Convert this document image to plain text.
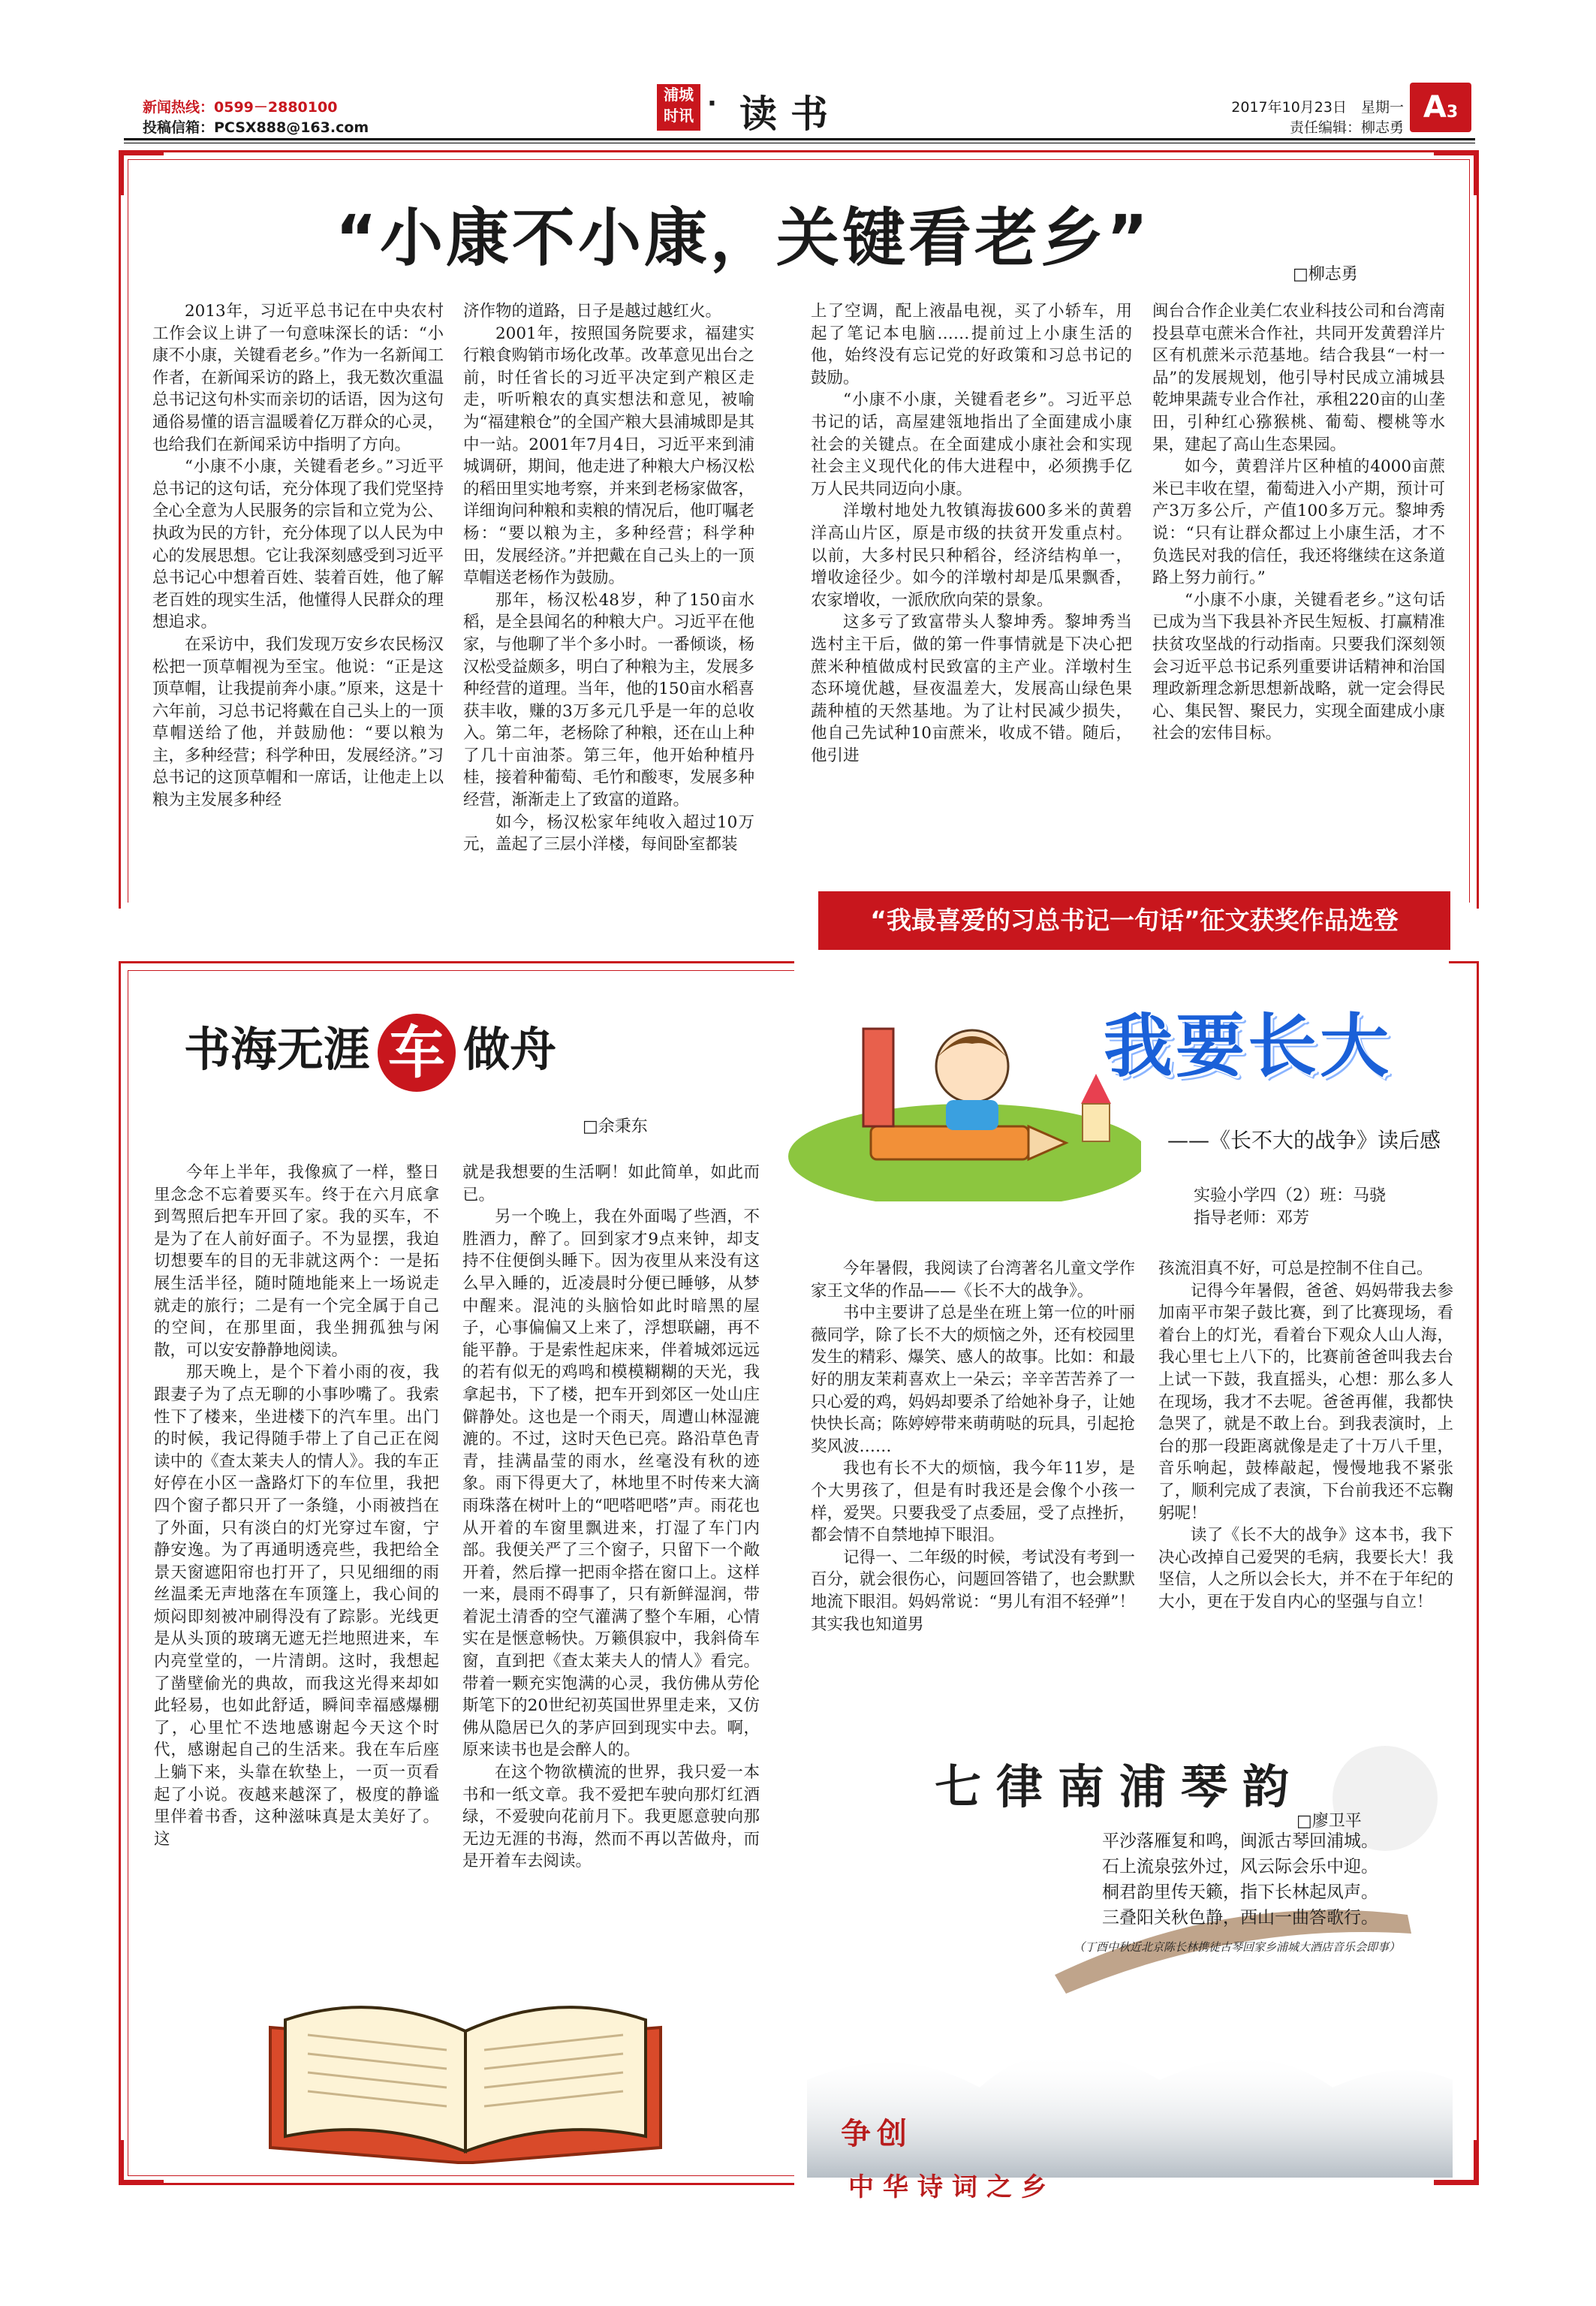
新闻热线：0599－2880100
投稿信箱：PCSX888@163.com
浦城
时讯 · 读书	2017年10月23日　星期一
责任编辑：柳志勇
A3
“小康不小康，关键看老乡”	□柳志勇

2013年，习近平总书记在中央农村工作会议上讲了一句意味深长的话：“小康不小康，关键看老乡。”作为一名新闻工作者，在新闻采访的路上，我无数次重温总书记这句朴实而亲切的话语，因为这句通俗易懂的语言温暖着亿万群众的心灵，也给我们在新闻采访中指明了方向。

“小康不小康，关键看老乡。”习近平总书记的这句话，充分体现了我们党坚持全心全意为人民服务的宗旨和立党为公、执政为民的方针，充分体现了以人民为中心的发展思想。它让我深刻感受到习近平总书记心中想着百姓、装着百姓，他了解老百姓的现实生活，他懂得人民群众的理想追求。

在采访中，我们发现万安乡农民杨汉松把一顶草帽视为至宝。他说：“正是这顶草帽，让我提前奔小康。”原来，这是十六年前，习总书记将戴在自己头上的一顶草帽送给了他，并鼓励他：“要以粮为主，多种经营；科学种田，发展经济。”习总书记的这顶草帽和一席话，让他走上以粮为主发展多种经

济作物的道路，日子是越过越红火。

2001年，按照国务院要求，福建实行粮食购销市场化改革。改革意见出台之前，时任省长的习近平决定到产粮区走走，听听粮农的真实想法和意见，被喻为“福建粮仓”的全国产粮大县浦城即是其中一站。2001年7月4日，习近平来到浦城调研，期间，他走进了种粮大户杨汉松的稻田里实地考察，并来到老杨家做客，详细询问种粮和卖粮的情况后，他叮嘱老杨：“要以粮为主，多种经营；科学种田，发展经济。”并把戴在自己头上的一顶草帽送老杨作为鼓励。

那年，杨汉松48岁，种了150亩水稻，是全县闻名的种粮大户。习近平在他家，与他聊了半个多小时。一番倾谈，杨汉松受益颇多，明白了种粮为主，发展多种经营的道理。当年，他的150亩水稻喜获丰收，赚的3万多元几乎是一年的总收入。第二年，老杨除了种粮，还在山上种了几十亩油茶。第三年，他开始种植丹桂，接着种葡萄、毛竹和酸枣，发展多种经营，渐渐走上了致富的道路。

如今，杨汉松家年纯收入超过10万元，盖起了三层小洋楼，每间卧室都装

上了空调，配上液晶电视，买了小轿车，用起了笔记本电脑……提前过上小康生活的他，始终没有忘记党的好政策和习总书记的鼓励。

“小康不小康，关键看老乡”。习近平总书记的话，高屋建瓴地指出了全面建成小康社会的关键点。在全面建成小康社会和实现社会主义现代化的伟大进程中，必须携手亿万人民共同迈向小康。

洋墩村地处九牧镇海拔600多米的黄碧洋高山片区，原是市级的扶贫开发重点村。以前，大多村民只种稻谷，经济结构单一，增收途径少。如今的洋墩村却是瓜果飘香，农家增收，一派欣欣向荣的景象。

这多亏了致富带头人黎坤秀。黎坤秀当选村主干后，做的第一件事情就是下决心把蔗米种植做成村民致富的主产业。洋墩村生态环境优越，昼夜温差大，发展高山绿色果蔬种植的天然基地。为了让村民减少损失，他自己先试种10亩蔗米，收成不错。随后，他引进

闽台合作企业美仁农业科技公司和台湾南投县草屯蔗米合作社，共同开发黄碧洋片区有机蔗米示范基地。结合我县“一村一品”的发展规划，他引导村民成立浦城县乾坤果蔬专业合作社，承租220亩的山垄田，引种红心猕猴桃、葡萄、樱桃等水果，建起了高山生态果园。

如今，黄碧洋片区种植的4000亩蔗米已丰收在望，葡萄进入小产期，预计可产3万多公斤，产值100多万元。黎坤秀说：“只有让群众都过上小康生活，才不负选民对我的信任，我还将继续在这条道路上努力前行。”

“小康不小康，关键看老乡。”这句话已成为当下我县补齐民生短板、打赢精准扶贫攻坚战的行动指南。只要我们深刻领会习近平总书记系列重要讲话精神和治国理政新理念新思想新战略，就一定会得民心、集民智、聚民力，实现全面建成小康社会的宏伟目标。

“我最喜爱的习总书记一句话”征文获奖作品选登
书海无涯 车 做舟
□余秉东

今年上半年，我像疯了一样，整日里念念不忘着要买车。终于在六月底拿到驾照后把车开回了家。我的买车，不是为了在人前好面子。不为显摆，我迫切想要车的目的无非就这两个：一是拓展生活半径，随时随地能来上一场说走就走的旅行；二是有一个完全属于自己的空间，在那里面，我坐拥孤独与闲散，可以安安静静地阅读。

那天晚上，是个下着小雨的夜，我跟妻子为了点无聊的小事吵嘴了。我索性下了楼来，坐进楼下的汽车里。出门的时候，我记得随手带上了自己正在阅读中的《查太莱夫人的情人》。我的车正好停在小区一盏路灯下的车位里，我把四个窗子都只开了一条缝，小雨被挡在了外面，只有淡白的灯光穿过车窗，宁静安逸。为了再通明透亮些，我把给全景天窗遮阳帘也打开了，只见细细的雨丝温柔无声地落在车顶篷上，我心间的烦闷即刻被冲刷得没有了踪影。光线更是从头顶的玻璃无遮无拦地照进来，车内亮堂堂的，一片清朗。这时，我想起了凿壁偷光的典故，而我这光得来却如此轻易，也如此舒适，瞬间幸福感爆棚了，心里忙不迭地感谢起今天这个时代，感谢起自己的生活来。我在车后座上躺下来，头靠在软垫上，一页一页看起了小说。夜越来越深了，极度的静谧里伴着书香，这种滋味真是太美好了。这

就是我想要的生活啊！如此简单，如此而已。

另一个晚上，我在外面喝了些酒，不胜酒力，醉了。回到家才9点来钟，却支持不住便倒头睡下。因为夜里从来没有这么早入睡的，近凌晨时分便已睡够，从梦中醒来。混沌的头脑恰如此时暗黑的屋子，心事偏偏又上来了，浮想联翩，再不能平静。于是索性起床来，伴着城郊远远的若有似无的鸡鸣和模模糊糊的天光，我拿起书，下了楼，把车开到郊区一处山庄僻静处。这也是一个雨天，周遭山林湿漉漉的。不过，这时天色已亮。路沿草色青青，挂满晶莹的雨水，丝毫没有秋的迹象。雨下得更大了，林地里不时传来大滴雨珠落在树叶上的“吧嗒吧嗒”声。雨花也从开着的车窗里飘进来，打湿了车门内部。我便关严了三个窗子，只留下一个敞开着，然后撑一把雨伞搭在窗口上。这样一来，晨雨不碍事了，只有新鲜湿润，带着泥土清香的空气灌满了整个车厢，心情实在是惬意畅快。万籁俱寂中，我斜倚车窗，直到把《查太莱夫人的情人》看完。带着一颗充实饱满的心灵，我仿佛从劳伦斯笔下的20世纪初英国世界里走来，又仿佛从隐居已久的茅庐回到现实中去。啊，原来读书也是会醉人的。

在这个物欲横流的世界，我只爱一本书和一纸文章。我不爱把车驶向那灯红酒绿，不爱驶向花前月下。我更愿意驶向那无边无涯的书海，然而不再以苦做舟，而是开着车去阅读。

我要长大
——《长不大的战争》读后感
实验小学四（2）班：马骁
指导老师：邓芳

今年暑假，我阅读了台湾著名儿童文学作家王文华的作品——《长不大的战争》。

书中主要讲了总是坐在班上第一位的叶丽薇同学，除了长不大的烦恼之外，还有校园里发生的精彩、爆笑、感人的故事。比如：和最好的朋友茉莉喜欢上一朵云；辛辛苦苦养了一只心爱的鸡，妈妈却要杀了给她补身子，让她快快长高；陈婷婷带来萌萌哒的玩具，引起抢奖风波……

我也有长不大的烦恼，我今年11岁，是个大男孩了，但是有时我还是会像个小孩一样，爱哭。只要我受了点委屈，受了点挫折，都会情不自禁地掉下眼泪。

记得一、二年级的时候，考试没有考到一百分，就会很伤心，问题回答错了，也会默默地流下眼泪。妈妈常说：“男儿有泪不轻弹”！其实我也知道男

孩流泪真不好，可总是控制不住自己。

记得今年暑假，爸爸、妈妈带我去参加南平市架子鼓比赛，到了比赛现场，看着台上的灯光，看着台下观众人山人海，我心里七上八下的，比赛前爸爸叫我去台上试一下鼓，我直摇头，心想：那么多人在现场，我才不去呢。爸爸再催，我都快急哭了，就是不敢上台。到我表演时，上台的那一段距离就像是走了十万八千里，音乐响起，鼓棒敲起，慢慢地我不紧张了，顺利完成了表演，下台前我还不忘鞠躬呢！

读了《长不大的战争》这本书，我下决心改掉自己爱哭的毛病，我要长大！我坚信，人之所以会长大，并不在于年纪的大小，更在于发自内心的坚强与自立！

七律南浦琴韵
□廖卫平
平沙落雁复和鸣，闽派古琴回浦城。
石上流泉弦外过，风云际会乐中迎。
桐君韵里传天籁，指下长林起凤声。
三叠阳关秋色静，西山一曲答歌行。
（丁酉中秋近北京陈长林携徒古琴回家乡浦城大酒店音乐会即事）
争创
中华诗词之乡
